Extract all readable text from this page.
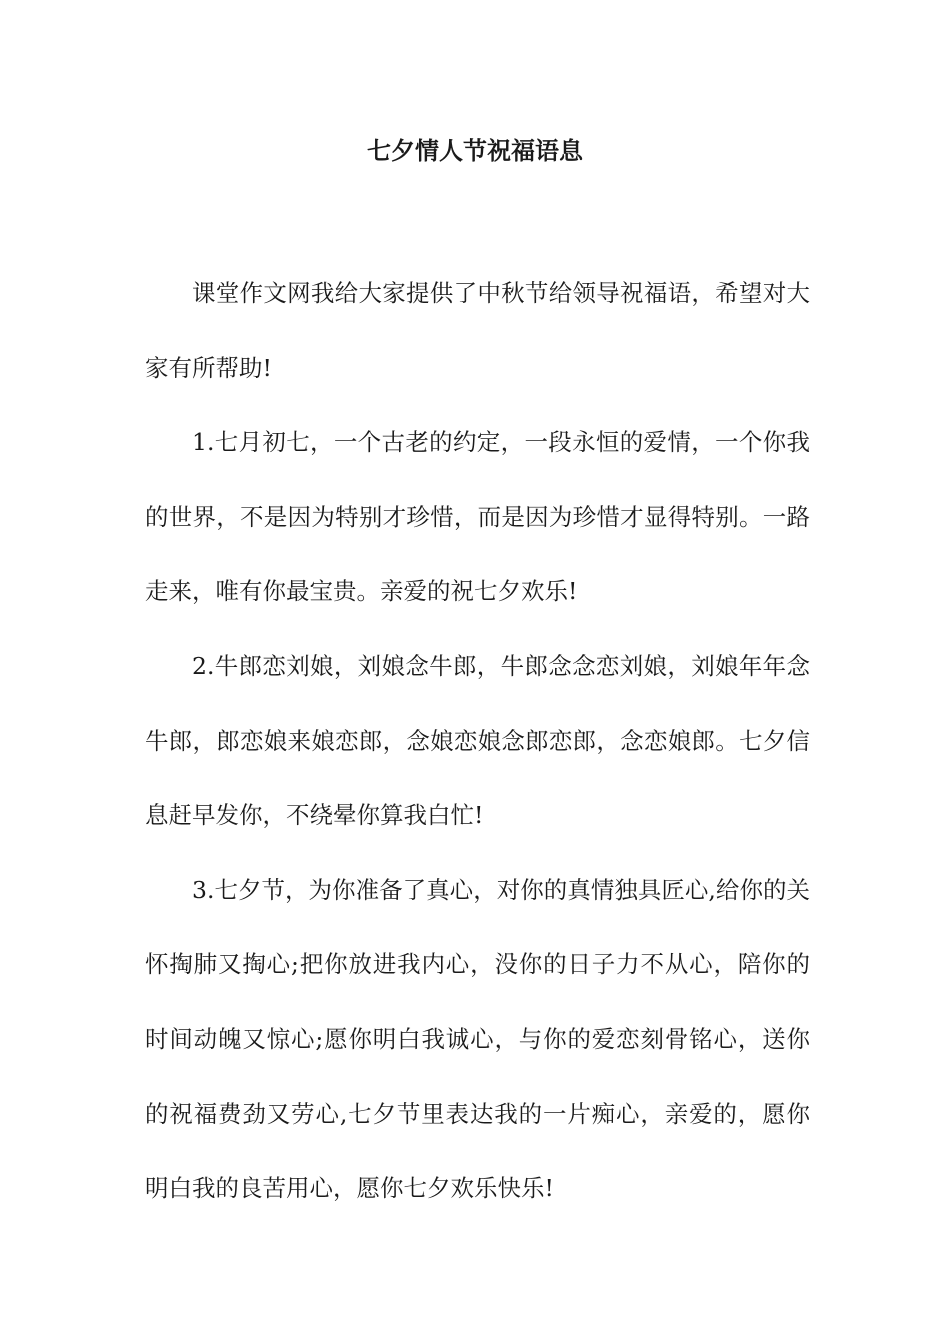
七夕情人节祝福语息

课堂作文网我给大家提供了中秋节给领导祝福语，希望对大家有所帮助!

1.七月初七，一个古老的约定，一段永恒的爱情，一个你我的世界，不是因为特别才珍惜，而是因为珍惜才显得特别。一路走来，唯有你最宝贵。亲爱的祝七夕欢乐!

2.牛郎恋刘娘，刘娘念牛郎，牛郎念念恋刘娘，刘娘年年念牛郎，郎恋娘来娘恋郎，念娘恋娘念郎恋郎，念恋娘郎。七夕信息赶早发你，不绕晕你算我白忙!

3.七夕节，为你准备了真心，对你的真情独具匠心,给你的关怀掏肺又掏心;把你放进我内心，没你的日子力不从心，陪你的时间动魄又惊心;愿你明白我诚心，与你的爱恋刻骨铭心，送你的祝福费劲又劳心,七夕节里表达我的一片痴心，亲爱的，愿你明白我的良苦用心，愿你七夕欢乐快乐!
